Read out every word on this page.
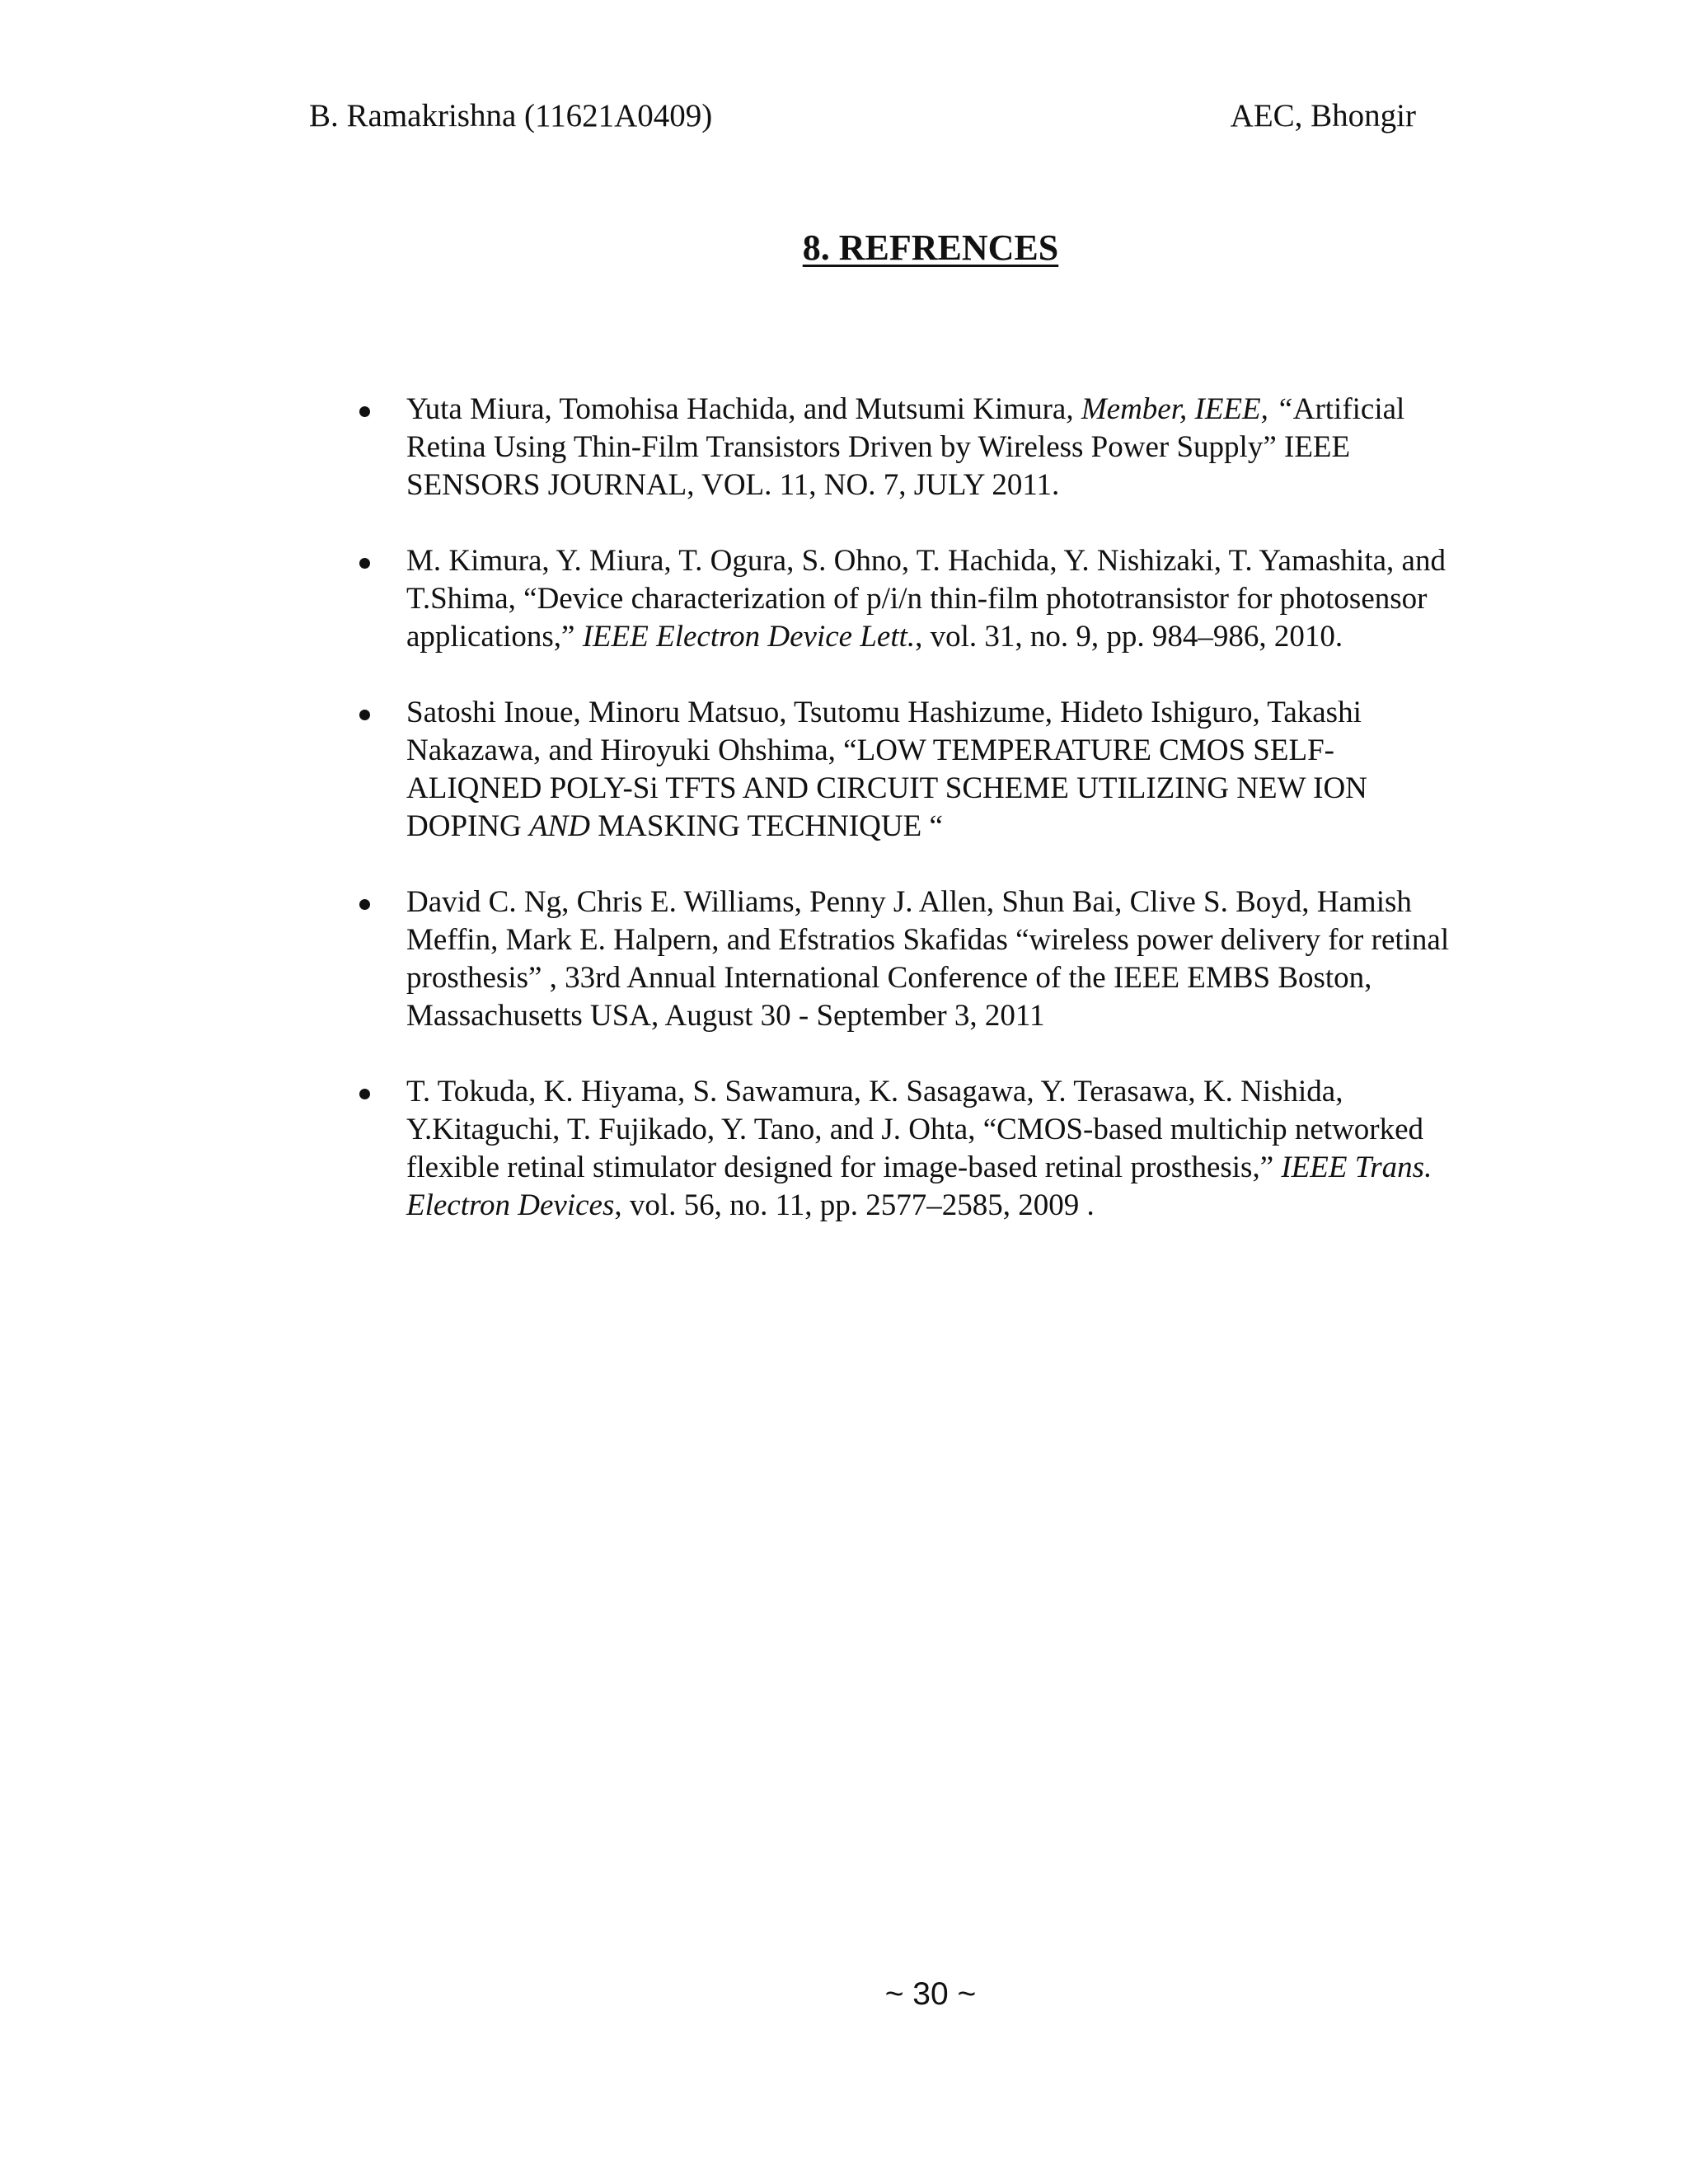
B. Ramakrishna (11621A0409)	AEC, Bhongir
8. REFRENCES
Yuta Miura, Tomohisa Hachida, and Mutsumi Kimura, Member, IEEE, “Artificial
Retina Using Thin-Film Transistors Driven by Wireless Power Supply” IEEE
SENSORS JOURNAL, VOL. 11, NO. 7, JULY 2011.
M. Kimura, Y. Miura, T. Ogura, S. Ohno, T. Hachida, Y. Nishizaki, T. Yamashita, and
T.Shima, “Device characterization of p/i/n thin-film phototransistor for photosensor
applications,” IEEE Electron Device Lett., vol. 31, no. 9, pp. 984–986, 2010.
Satoshi Inoue, Minoru Matsuo, Tsutomu Hashizume, Hideto Ishiguro, Takashi
Nakazawa, and Hiroyuki Ohshima, “LOW TEMPERATURE CMOS SELF-
ALIQNED POLY-Si TFTS AND CIRCUIT SCHEME UTILIZING NEW ION
DOPING AND MASKING TECHNIQUE “
David C. Ng, Chris E. Williams, Penny J. Allen, Shun Bai, Clive S. Boyd, Hamish
Meffin, Mark E. Halpern, and Efstratios Skafidas “wireless power delivery for retinal
prosthesis” , 33rd Annual International Conference of the IEEE EMBS Boston,
Massachusetts USA, August 30 - September 3, 2011
T. Tokuda, K. Hiyama, S. Sawamura, K. Sasagawa, Y. Terasawa, K. Nishida,
Y.Kitaguchi, T. Fujikado, Y. Tano, and J. Ohta, “CMOS-based multichip networked
flexible retinal stimulator designed for image-based retinal prosthesis,” IEEE Trans.
Electron Devices, vol. 56, no. 11, pp. 2577–2585, 2009 .
~ 30 ~
